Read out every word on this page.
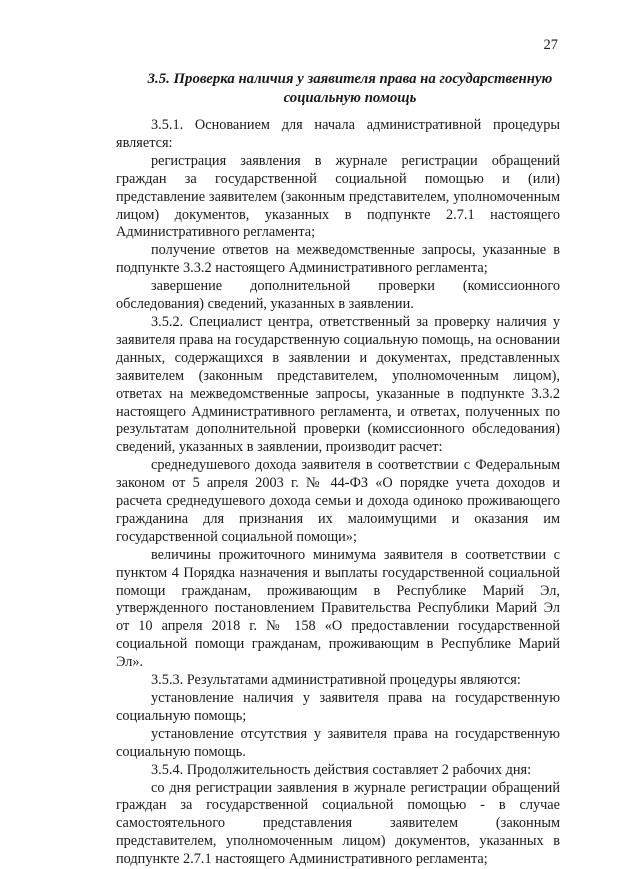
27
3.5. Проверка наличия у заявителя права на государственную социальную помощь

3.5.1. Основанием для начала административной процедуры является:

регистрация заявления в журнале регистрации обращений граждан за государственной социальной помощью и (или) представление заявителем (законным представителем, уполномоченным лицом) документов, указанных в подпункте 2.7.1 настоящего Административного регламента;

получение ответов на межведомственные запросы, указанные в подпункте 3.3.2 настоящего Административного регламента;

завершение дополнительной проверки (комиссионного обследования) сведений, указанных в заявлении.

3.5.2. Специалист центра, ответственный за проверку наличия у заявителя права на государственную социальную помощь, на основании данных, содержащихся в заявлении и документах, представленных заявителем (законным представителем, уполномоченным лицом), ответах на межведомственные запросы, указанные в подпункте 3.3.2 настоящего Административного регламента, и ответах, полученных по результатам дополнительной проверки (комиссионного обследования) сведений, указанных в заявлении, производит расчет:

среднедушевого дохода заявителя в соответствии с Федеральным законом от 5 апреля 2003 г. № 44-ФЗ «О порядке учета доходов и расчета среднедушевого дохода семьи и дохода одиноко проживающего гражданина для признания их малоимущими и оказания им государственной социальной помощи»;

величины прожиточного минимума заявителя в соответствии с пунктом 4 Порядка назначения и выплаты государственной социальной помощи гражданам, проживающим в Республике Марий Эл, утвержденного постановлением Правительства Республики Марий Эл от 10 апреля 2018 г. № 158 «О предоставлении государственной социальной помощи гражданам, проживающим в Республике Марий Эл».

3.5.3. Результатами административной процедуры являются:

установление наличия у заявителя права на государственную социальную помощь;

установление отсутствия у заявителя права на государственную социальную помощь.

3.5.4. Продолжительность действия составляет 2 рабочих дня:

со дня регистрации заявления в журнале регистрации обращений граждан за государственной социальной помощью - в случае самостоятельного представления заявителем (законным представителем, уполномоченным лицом) документов, указанных в подпункте 2.7.1 настоящего Административного регламента;
